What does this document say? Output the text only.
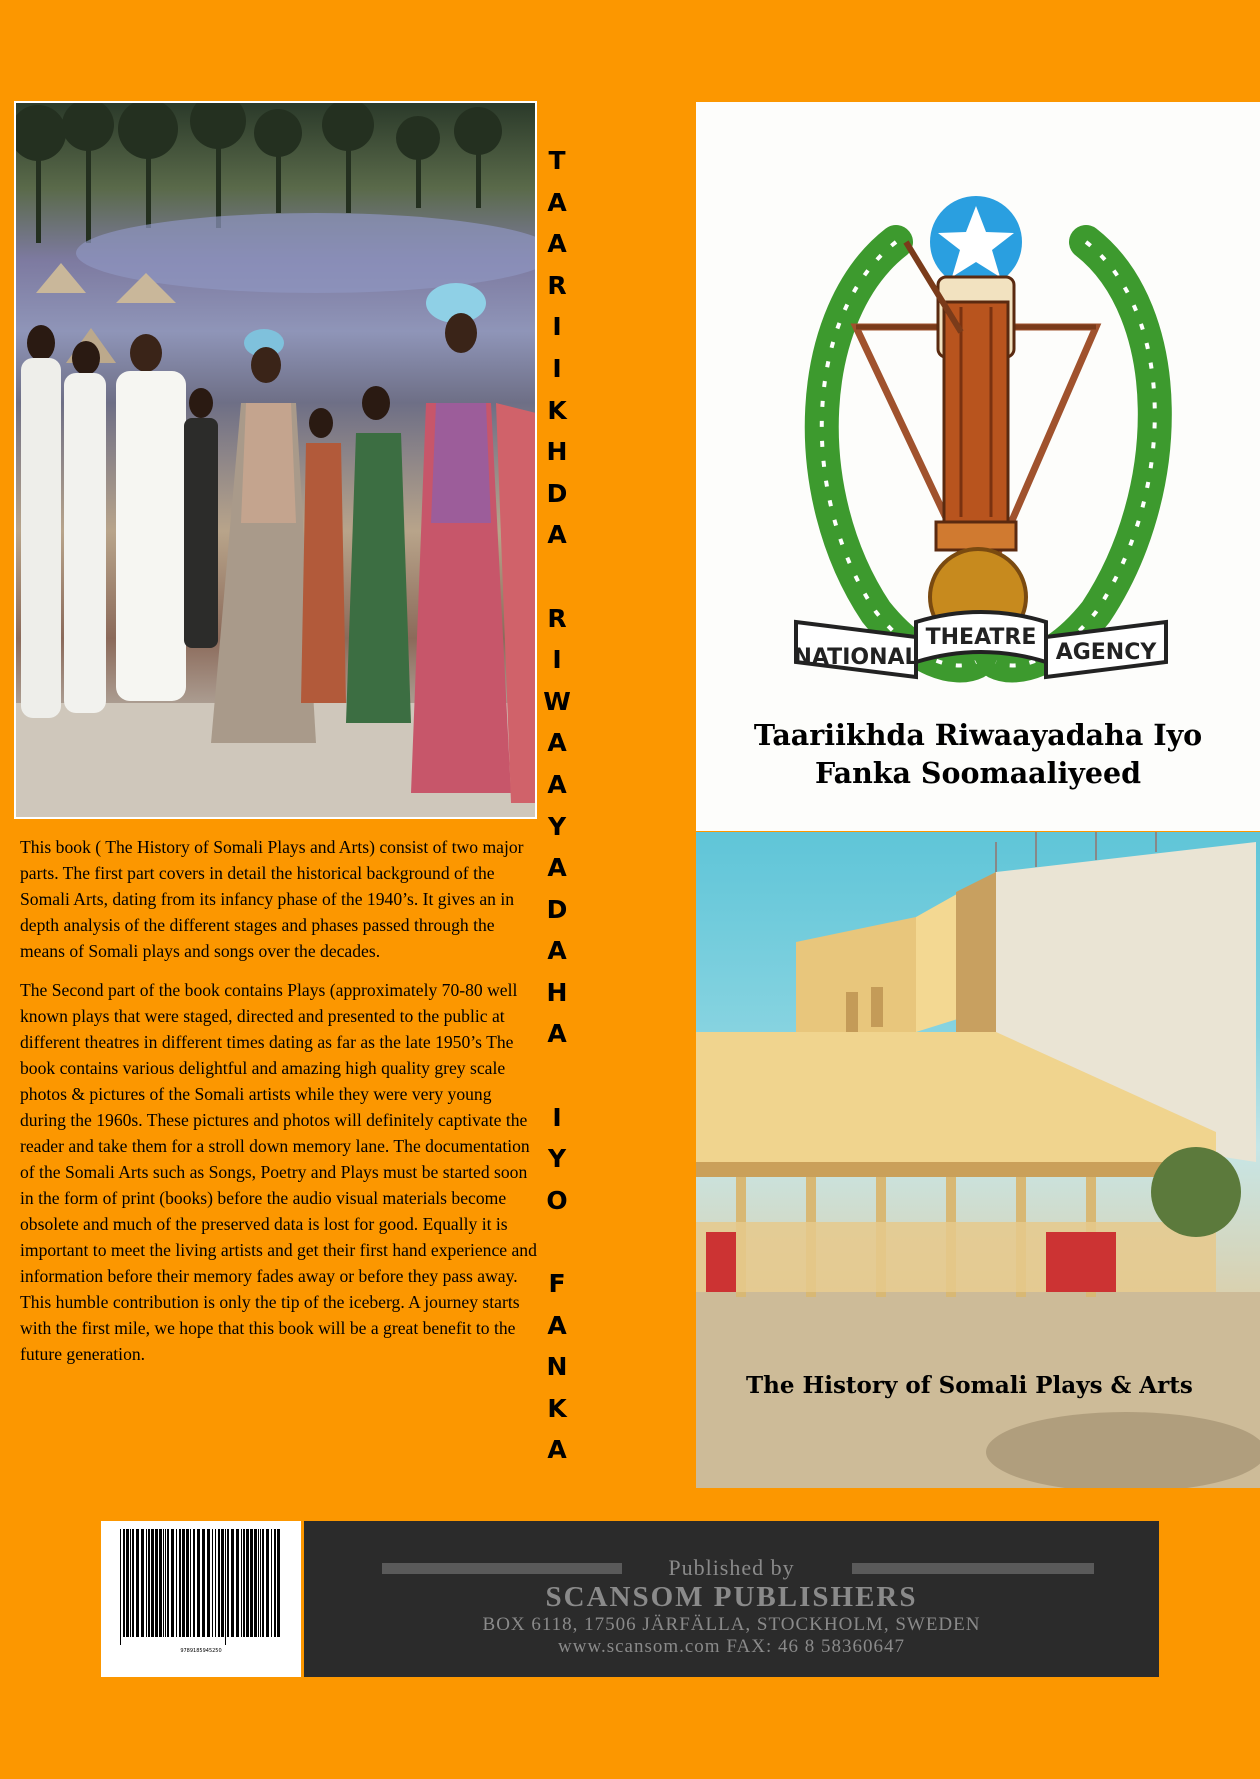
T
A
A
R
I
I
K
H
D
A

R
I
W
A
A
Y
A
D
A
H
A

I
Y
O

F
A
N
K
A

This book ( The History of Somali Plays and Arts) consist of two major parts. The first part covers in detail the historical background of the Somali Arts, dating from its infancy phase of the 1940’s. It gives an in depth analysis of the different stages and phases passed through the means of Somali plays and songs over the decades.

The Second part of the book contains Plays (approximately 70-80 well known plays that were staged, directed and presented to the public at different theatres in different times dating as far as the late 1950’s The book contains various delightful and amazing high quality grey scale photos & pictures of the Somali artists while they were very young during the 1960s. These pictures and photos will definitely captivate the reader and take them for a stroll down memory lane. The documentation of the Somali Arts such as Songs, Poetry and Plays must be started soon in the form of print (books) before the audio visual materials become obsolete and much of the preserved data is lost for good. Equally it is important to meet the living artists and get their first hand experience and information before their memory fades away or before they pass away. This humble contribution is only the tip of the iceberg. A journey starts with the first mile, we hope that this book will be a great benefit to the future generation.

NATIONAL
THEATRE
AGENCY
Taariikhda Riwaayadaha Iyo
Fanka Soomaaliyeed
The History of Somali Plays & Arts
9789185945250
Published by
SCANSOM PUBLISHERS
BOX 6118, 17506 JÄRFÄLLA, STOCKHOLM, SWEDEN
www.scansom.com FAX: 46 8 58360647
